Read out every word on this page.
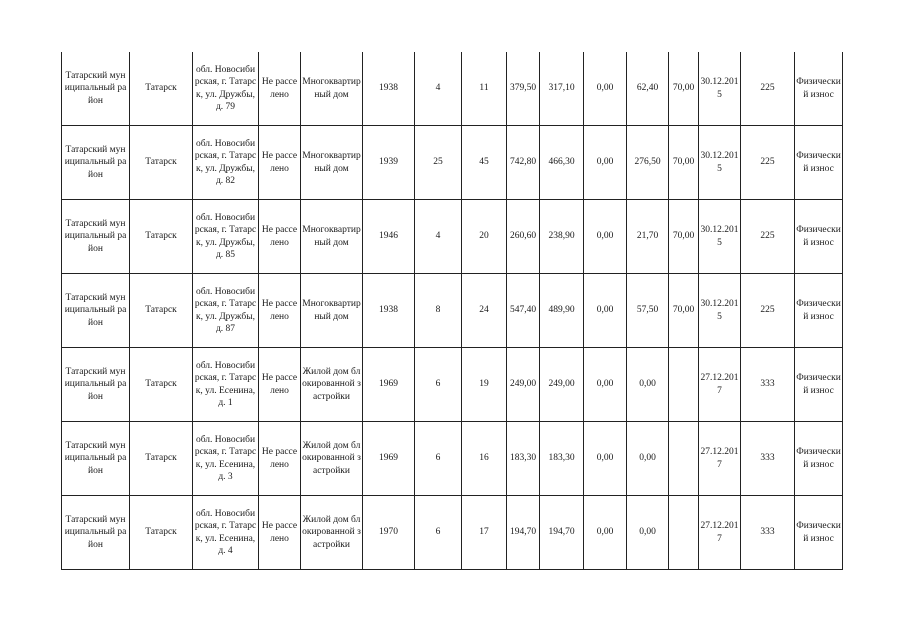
Татарский муниципальный район	Татарск	обл. Новосибирская, г. Татарск, ул. Дружбы, д. 79	Не расселено	Многоквартирный дом	1938	4	11	379,50	317,10	0,00	62,40	70,00	30.12.2015	225	Физический износ
Татарский муниципальный район	Татарск	обл. Новосибирская, г. Татарск, ул. Дружбы, д. 82	Не расселено	Многоквартирный дом	1939	25	45	742,80	466,30	0,00	276,50	70,00	30.12.2015	225	Физический износ
Татарский муниципальный район	Татарск	обл. Новосибирская, г. Татарск, ул. Дружбы, д. 85	Не расселено	Многоквартирный дом	1946	4	20	260,60	238,90	0,00	21,70	70,00	30.12.2015	225	Физический износ
Татарский муниципальный район	Татарск	обл. Новосибирская, г. Татарск, ул. Дружбы, д. 87	Не расселено	Многоквартирный дом	1938	8	24	547,40	489,90	0,00	57,50	70,00	30.12.2015	225	Физический износ
Татарский муниципальный район	Татарск	обл. Новосибирская, г. Татарск, ул. Есенина, д. 1	Не расселено	Жилой дом блокированной застройки	1969	6	19	249,00	249,00	0,00	0,00		27.12.2017	333	Физический износ
Татарский муниципальный район	Татарск	обл. Новосибирская, г. Татарск, ул. Есенина, д. 3	Не расселено	Жилой дом блокированной застройки	1969	6	16	183,30	183,30	0,00	0,00		27.12.2017	333	Физический износ
Татарский муниципальный район	Татарск	обл. Новосибирская, г. Татарск, ул. Есенина, д. 4	Не расселено	Жилой дом блокированной застройки	1970	6	17	194,70	194,70	0,00	0,00		27.12.2017	333	Физический износ
